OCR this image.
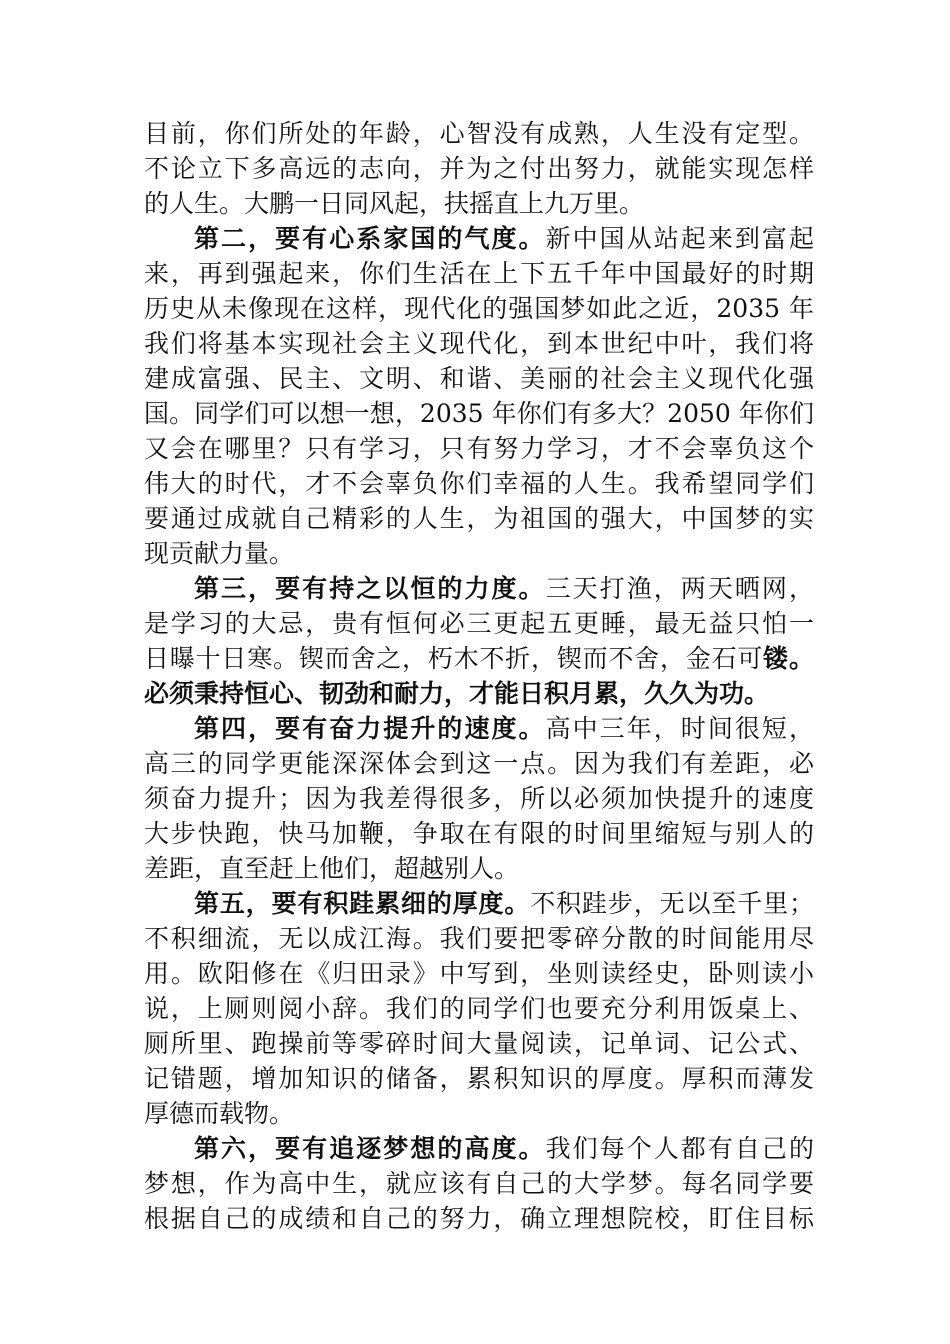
目前，你们所处的年龄，心智没有成熟，人生没有定型。
不论立下多高远的志向，并为之付出努力，就能实现怎样
的人生。大鹏一日同风起，扶摇直上九万里。
第二，要有心系家国的气度。新中国从站起来到富起
来，再到强起来，你们生活在上下五千年中国最好的时期
历史从未像现在这样，现代化的强国梦如此之近，2035 年
我们将基本实现社会主义现代化，到本世纪中叶，我们将
建成富强、民主、文明、和谐、美丽的社会主义现代化强
国。同学们可以想一想，2035 年你们有多大？2050 年你们
又会在哪里？只有学习，只有努力学习，才不会辜负这个
伟大的时代，才不会辜负你们幸福的人生。我希望同学们
要通过成就自己精彩的人生，为祖国的强大，中国梦的实
现贡献力量。
第三，要有持之以恒的力度。三天打渔，两天晒网，
是学习的大忌，贵有恒何必三更起五更睡，最无益只怕一
日曝十日寒。锲而舍之，朽木不折，锲而不舍，金石可镂。
必须秉持恒心、韧劲和耐力，才能日积月累，久久为功。
第四，要有奋力提升的速度。高中三年，时间很短，
高三的同学更能深深体会到这一点。因为我们有差距，必
须奋力提升；因为我差得很多，所以必须加快提升的速度
大步快跑，快马加鞭，争取在有限的时间里缩短与别人的
差距，直至赶上他们，超越别人。
第五，要有积跬累细的厚度。不积跬步，无以至千里；
不积细流，无以成江海。我们要把零碎分散的时间能用尽
用。欧阳修在《归田录》中写到，坐则读经史，卧则读小
说，上厕则阅小辞。我们的同学们也要充分利用饭桌上、
厕所里、跑操前等零碎时间大量阅读，记单词、记公式、
记错题，增加知识的储备，累积知识的厚度。厚积而薄发
厚德而载物。
第六，要有追逐梦想的高度。我们每个人都有自己的
梦想，作为高中生，就应该有自己的大学梦。每名同学要
根据自己的成绩和自己的努力，确立理想院校，盯住目标
